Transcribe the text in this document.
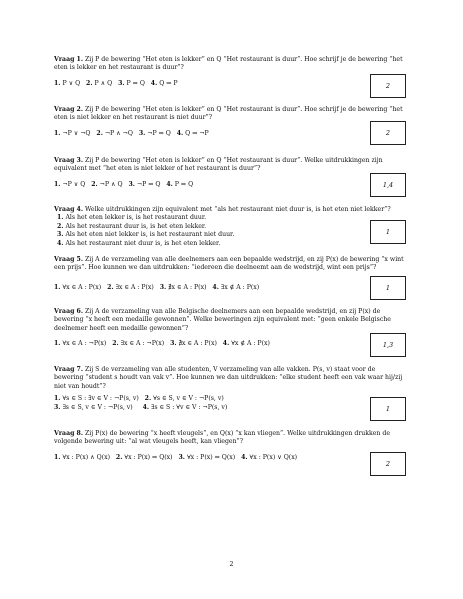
Vraag 1. Zij P de bewering “Het eten is lekker” en Q “Het restaurant is duur”. Hoe schrijf je de bewering “het eten is lekker en het restaurant is duur”?

1. P ∨ Q 2. P ∧ Q 3. P ⇒ Q 4. Q ⇒ P	2

Vraag 2. Zij P de bewering “Het eten is lekker” en Q “Het restaurant is duur”. Hoe schrijf je de bewering “het eten is niet lekker en het restaurant is niet duur”?

1. ¬P ∨ ¬Q 2. ¬P ∧ ¬Q 3. ¬P ⇒ Q 4. Q ⇒ ¬P	2

Vraag 3. Zij P de bewering “Het eten is lekker” en Q “Het restaurant is duur”. Welke uitdrukkingen zijn equivalent met “het eten is niet lekker of het restaurant is duur”?

1. ¬P ∨ Q 2. ¬P ∧ Q 3. ¬P ⇒ Q 4. P ⇒ Q	1,4

Vraag 4. Welke uitdrukkingen zijn equivalent met “als het restaurant niet duur is, is het eten niet lekker”?

1. Als het eten lekker is, is het restaurant duur.
2. Als het restaurant duur is, is het eten lekker.
3. Als het eten niet lekker is, is het restaurant niet duur.
4. Als het restaurant niet duur is, is het eten lekker.
1

Vraag 5. Zij A de verzameling van alle deelnemers aan een bepaalde wedstrijd, en zij P(x) de bewering “x wint een prijs”. Hoe kunnen we dan uitdrukken: “iedereen die deelneemt aan de wedstrijd, wint een prijs”?

1. ∀x ∈ A : P(x) 2. ∃x ∈ A : P(x) 3. ∄x ∈ A : P(x) 4. ∃x ∉ A : P(x)	1

Vraag 6. Zij A de verzameling van alle Belgische deelnemers aan een bepaalde wedstrijd, en zij P(x) de bewering “x heeft een medaille gewonnen”. Welke beweringen zijn equivalent met: “geen enkele Belgische deelnemer heeft een medaille gewonnen”?

1. ∀x ∈ A : ¬P(x) 2. ∃x ∈ A : ¬P(x) 3. ∄x ∈ A : P(x) 4. ∀x ∉ A : P(x)	1,3

Vraag 7. Zij S de verzameling van alle studenten, V verzameling van alle vakken. P(s, v) staat voor de bewering “student s houdt van vak v”. Hoe kunnen we dan uitdrukken: “elke student heeft een vak waar hij/zij niet van houdt”?

1. ∀s ∈ S : ∃v ∈ V : ¬P(s, v) 2. ∀s ∈ S, v ∈ V : ¬P(s, v)
3. ∃s ∈ S, v ∈ V : ¬P(s, v) 4. ∃s ∈ S : ∀v ∈ V : ¬P(s, v)	1

Vraag 8. Zij P(x) de bewering “x heeft vleugels”, en Q(x) “x kan vliegen”. Welke uitdrukkingen drukken de volgende bewering uit: “al wat vleugels heeft, kan vliegen”?

1. ∀x : P(x) ∧ Q(x) 2. ∀x : P(x) ⇒ Q(x) 3. ∀x : P(x) ⇔ Q(x) 4. ∀x : P(x) ∨ Q(x)
2
2
